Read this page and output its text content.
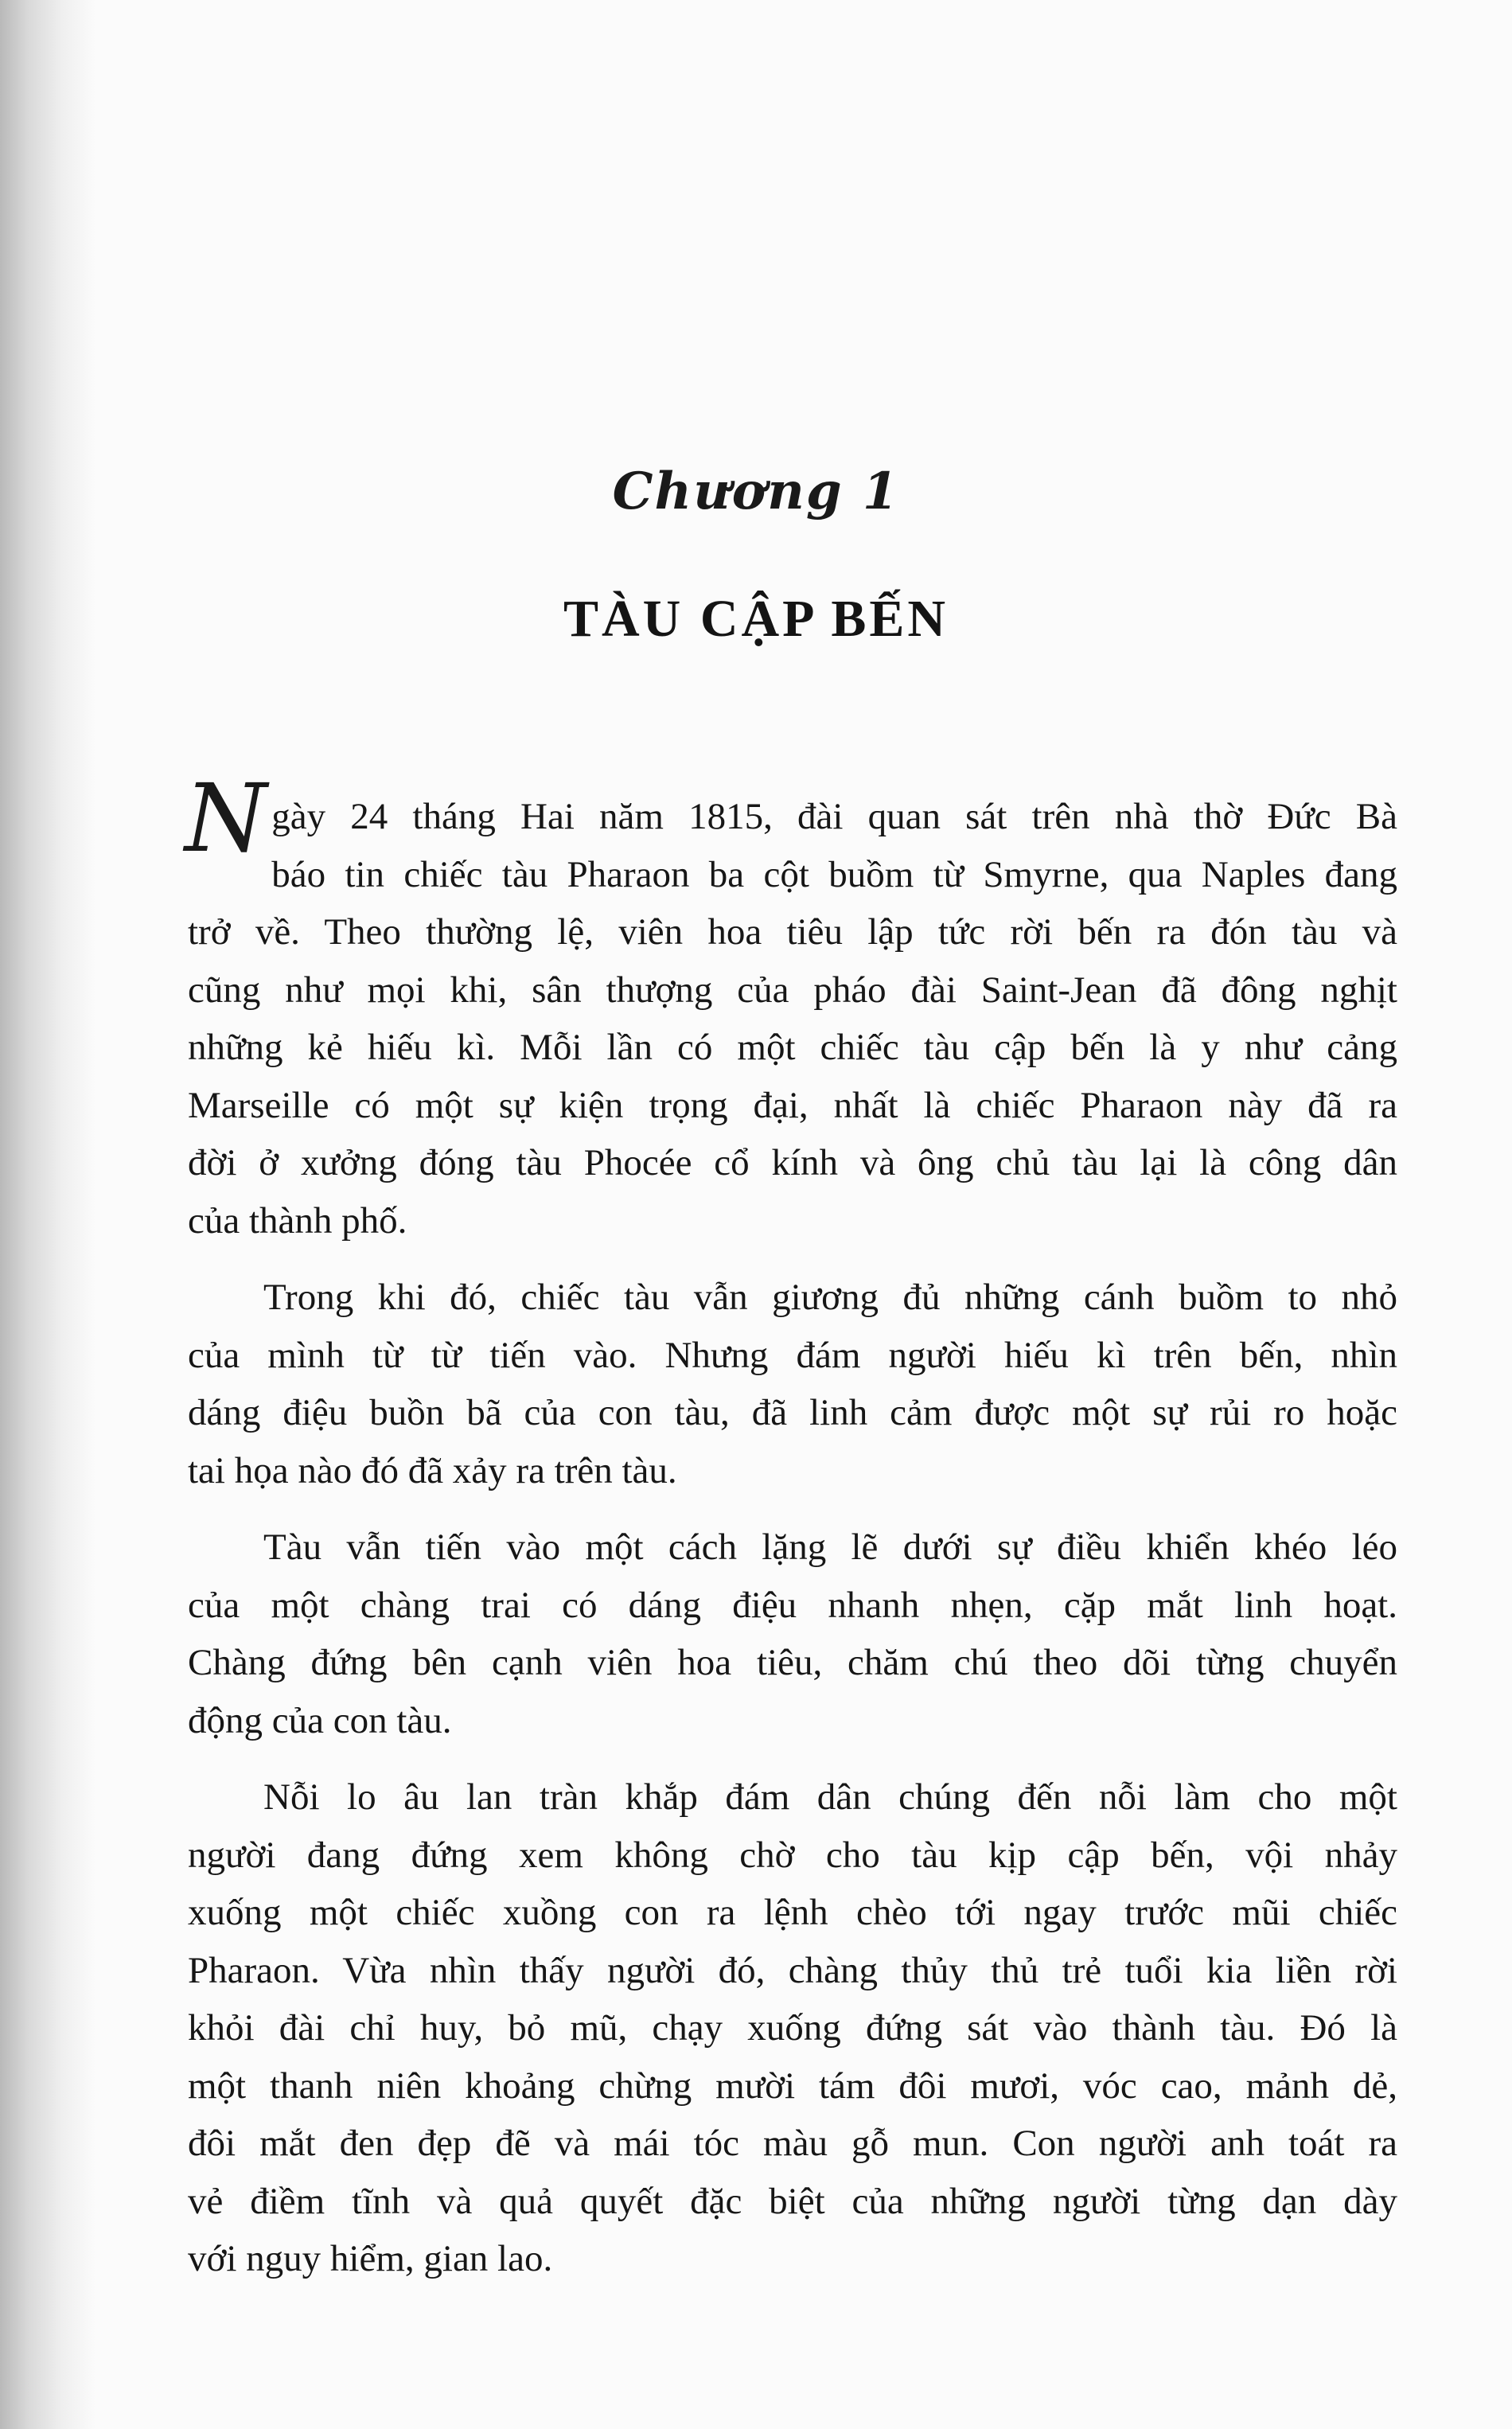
Chương 1
TÀU CẬP BẾN
N gày 24 tháng Hai năm 1815, đài quan sát trên nhà thờ Đức Bà
báo tin chiếc tàu Pharaon ba cột buồm từ Smyrne, qua Naples đang
trở về. Theo thường lệ, viên hoa tiêu lập tức rời bến ra đón tàu và
cũng như mọi khi, sân thượng của pháo đài Saint-Jean đã đông nghịt
những kẻ hiếu kì. Mỗi lần có một chiếc tàu cập bến là y như cảng
Marseille có một sự kiện trọng đại, nhất là chiếc Pharaon này đã ra
đời ở xưởng đóng tàu Phocée cổ kính và ông chủ tàu lại là công dân
của thành phố.
Trong khi đó, chiếc tàu vẫn giương đủ những cánh buồm to nhỏ
của mình từ từ tiến vào. Nhưng đám người hiếu kì trên bến, nhìn
dáng điệu buồn bã của con tàu, đã linh cảm được một sự rủi ro hoặc
tai họa nào đó đã xảy ra trên tàu.
Tàu vẫn tiến vào một cách lặng lẽ dưới sự điều khiển khéo léo
của một chàng trai có dáng điệu nhanh nhẹn, cặp mắt linh hoạt.
Chàng đứng bên cạnh viên hoa tiêu, chăm chú theo dõi từng chuyển
động của con tàu.
Nỗi lo âu lan tràn khắp đám dân chúng đến nỗi làm cho một
người đang đứng xem không chờ cho tàu kịp cập bến, vội nhảy
xuống một chiếc xuồng con ra lệnh chèo tới ngay trước mũi chiếc
Pharaon. Vừa nhìn thấy người đó, chàng thủy thủ trẻ tuổi kia liền rời
khỏi đài chỉ huy, bỏ mũ, chạy xuống đứng sát vào thành tàu. Đó là
một thanh niên khoảng chừng mười tám đôi mươi, vóc cao, mảnh dẻ,
đôi mắt đen đẹp đẽ và mái tóc màu gỗ mun. Con người anh toát ra
vẻ điềm tĩnh và quả quyết đặc biệt của những người từng dạn dày
với nguy hiểm, gian lao.
